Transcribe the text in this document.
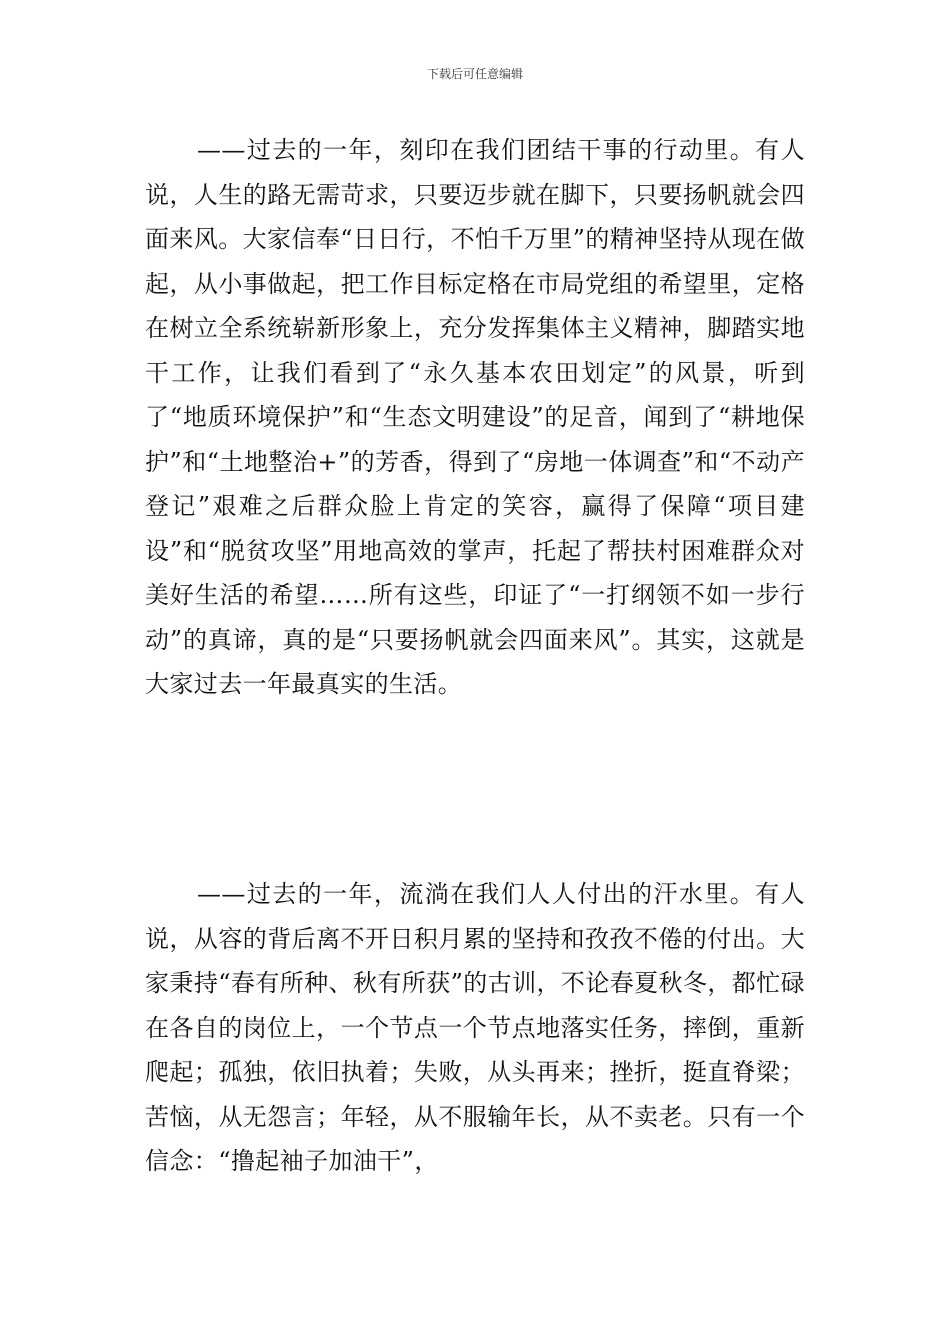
下载后可任意编辑

——过去的一年，刻印在我们团结干事的行动里。有人说，人生的路无需苛求，只要迈步就在脚下，只要扬帆就会四面来风。大家信奉“日日行，不怕千万里”的精神坚持从现在做起，从小事做起，把工作目标定格在市局党组的希望里，定格在树立全系统崭新形象上，充分发挥集体主义精神，脚踏实地干工作，让我们看到了“永久基本农田划定”的风景，听到了“地质环境保护”和“生态文明建设”的足音，闻到了“耕地保护”和“土地整治+”的芳香，得到了“房地一体调查”和“不动产登记”艰难之后群众脸上肯定的笑容，赢得了保障“项目建设”和“脱贫攻坚”用地高效的掌声，托起了帮扶村困难群众对美好生活的希望……所有这些，印证了“一打纲领不如一步行动”的真谛，真的是“只要扬帆就会四面来风”。其实，这就是大家过去一年最真实的生活。

——过去的一年，流淌在我们人人付出的汗水里。有人说，从容的背后离不开日积月累的坚持和孜孜不倦的付出。大家秉持“春有所种、秋有所获”的古训，不论春夏秋冬，都忙碌在各自的岗位上，一个节点一个节点地落实任务，摔倒，重新爬起；孤独，依旧执着；失败，从头再来；挫折，挺直脊梁；苦恼，从无怨言；年轻，从不服输年长，从不卖老。只有一个信念：“撸起袖子加油干”，
